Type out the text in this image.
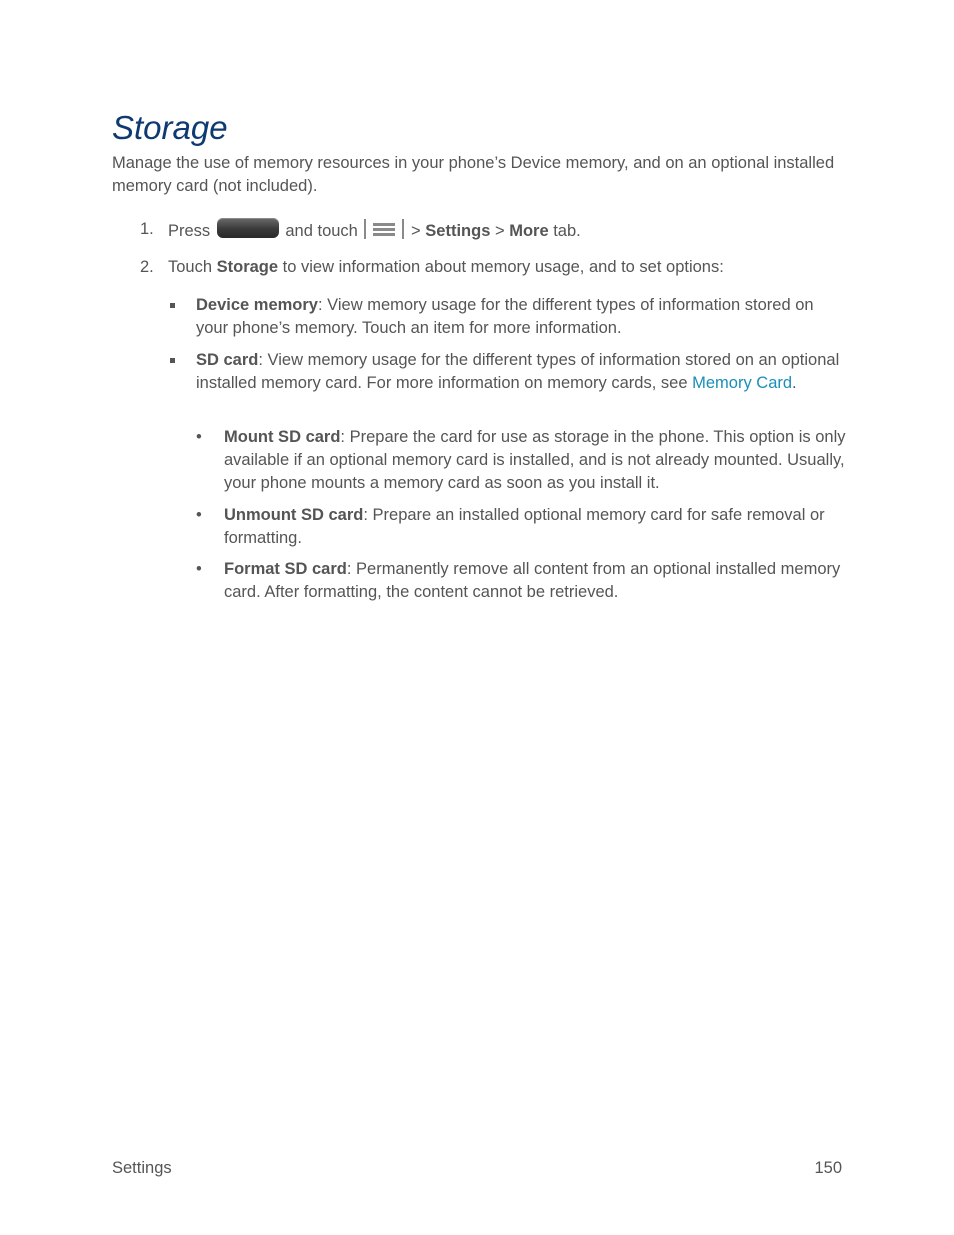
Storage

Manage the use of memory resources in your phone’s Device memory, and on an optional installed memory card (not included).

1. Press	and touch	> Settings > More tab.
2. Touch Storage to view information about memory usage, and to set options:
Device memory: View memory usage for the different types of information stored on your phone’s memory. Touch an item for more information.
SD card: View memory usage for the different types of information stored on an optional installed memory card. For more information on memory cards, see Memory Card.
• Mount SD card: Prepare the card for use as storage in the phone. This option is only available if an optional memory card is installed, and is not already mounted. Usually, your phone mounts a memory card as soon as you install it.
• Unmount SD card: Prepare an installed optional memory card for safe removal or formatting.
• Format SD card: Permanently remove all content from an optional installed memory card. After formatting, the content cannot be retrieved.
Settings	150
